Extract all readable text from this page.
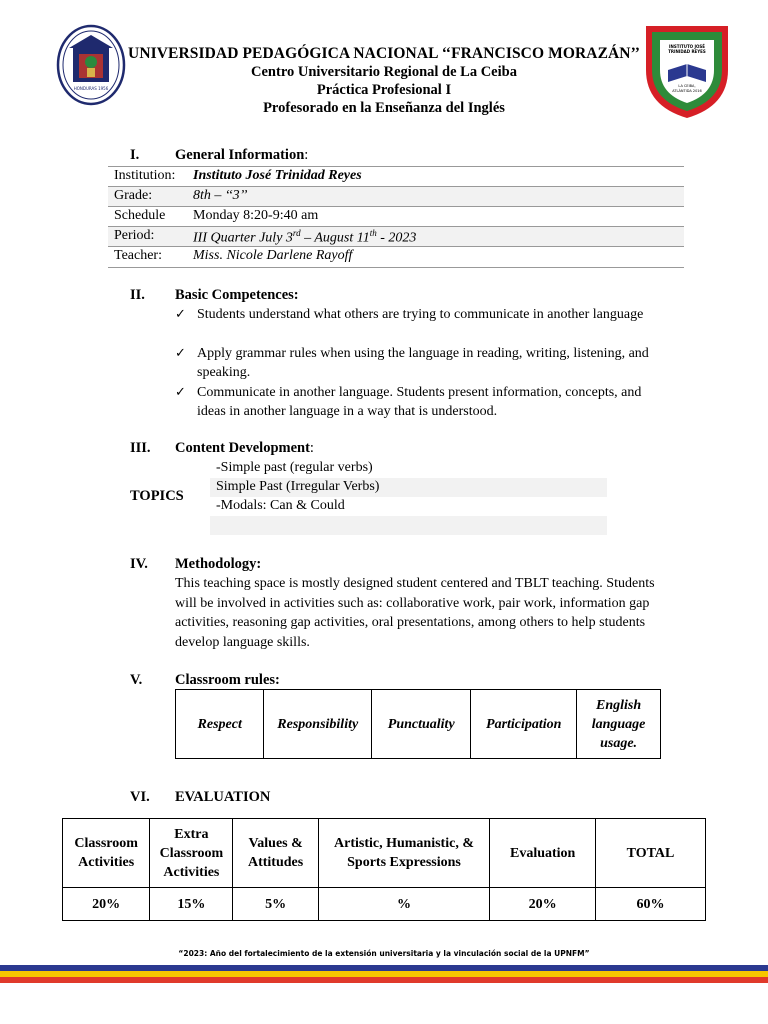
HONDURAS 1956
INSTITUTO JOSÉ TRINIDAD REYES
LA CEIBA, ATLÁNTIDA 2016
UNIVERSIDAD PEDAGÓGICA NACIONAL ‘‘FRANCISCO MORAZÁN’’
Centro Universitario Regional de La Ceiba
Práctica Profesional I
Profesorado en la Enseñanza del Inglés
I. General Information:
Institution: Instituto José Trinidad Reyes
Grade:	8th – ‘‘3’’
Schedule Monday 8:20-9:40 am
Period:	III Quarter July 3rd – August 11th - 2023
Teacher: Miss. Nicole Darlene Rayoff
II. Basic Competences:
✓ Students understand what others are trying to communicate in another language
✓ Apply grammar rules when using the language in reading, writing, listening, and speaking.
✓ Communicate in another language. Students present information, concepts, and ideas in another language in a way that is understood.
III. Content Development:
TOPICS
-Simple past (regular verbs)
Simple Past (Irregular Verbs)
-Modals: Can & Could
IV. Methodology:
This teaching space is mostly designed student centered and TBLT teaching. Students will be involved in activities such as: collaborative work, pair work, information gap activities, reasoning gap activities, oral presentations, among others to help students develop language skills.
V. Classroom rules:
Respect	Responsibility	Punctuality	Participation	English language usage.
VI. EVALUATION
Classroom Activities	Extra Classroom Activities	Values & Attitudes	Artistic, Humanistic, & Sports Expressions	Evaluation	TOTAL
20%	15%	5%	%	20%	60%
“2023: Año del fortalecimiento de la extensión universitaria y la vinculación social de la UPNFM”
